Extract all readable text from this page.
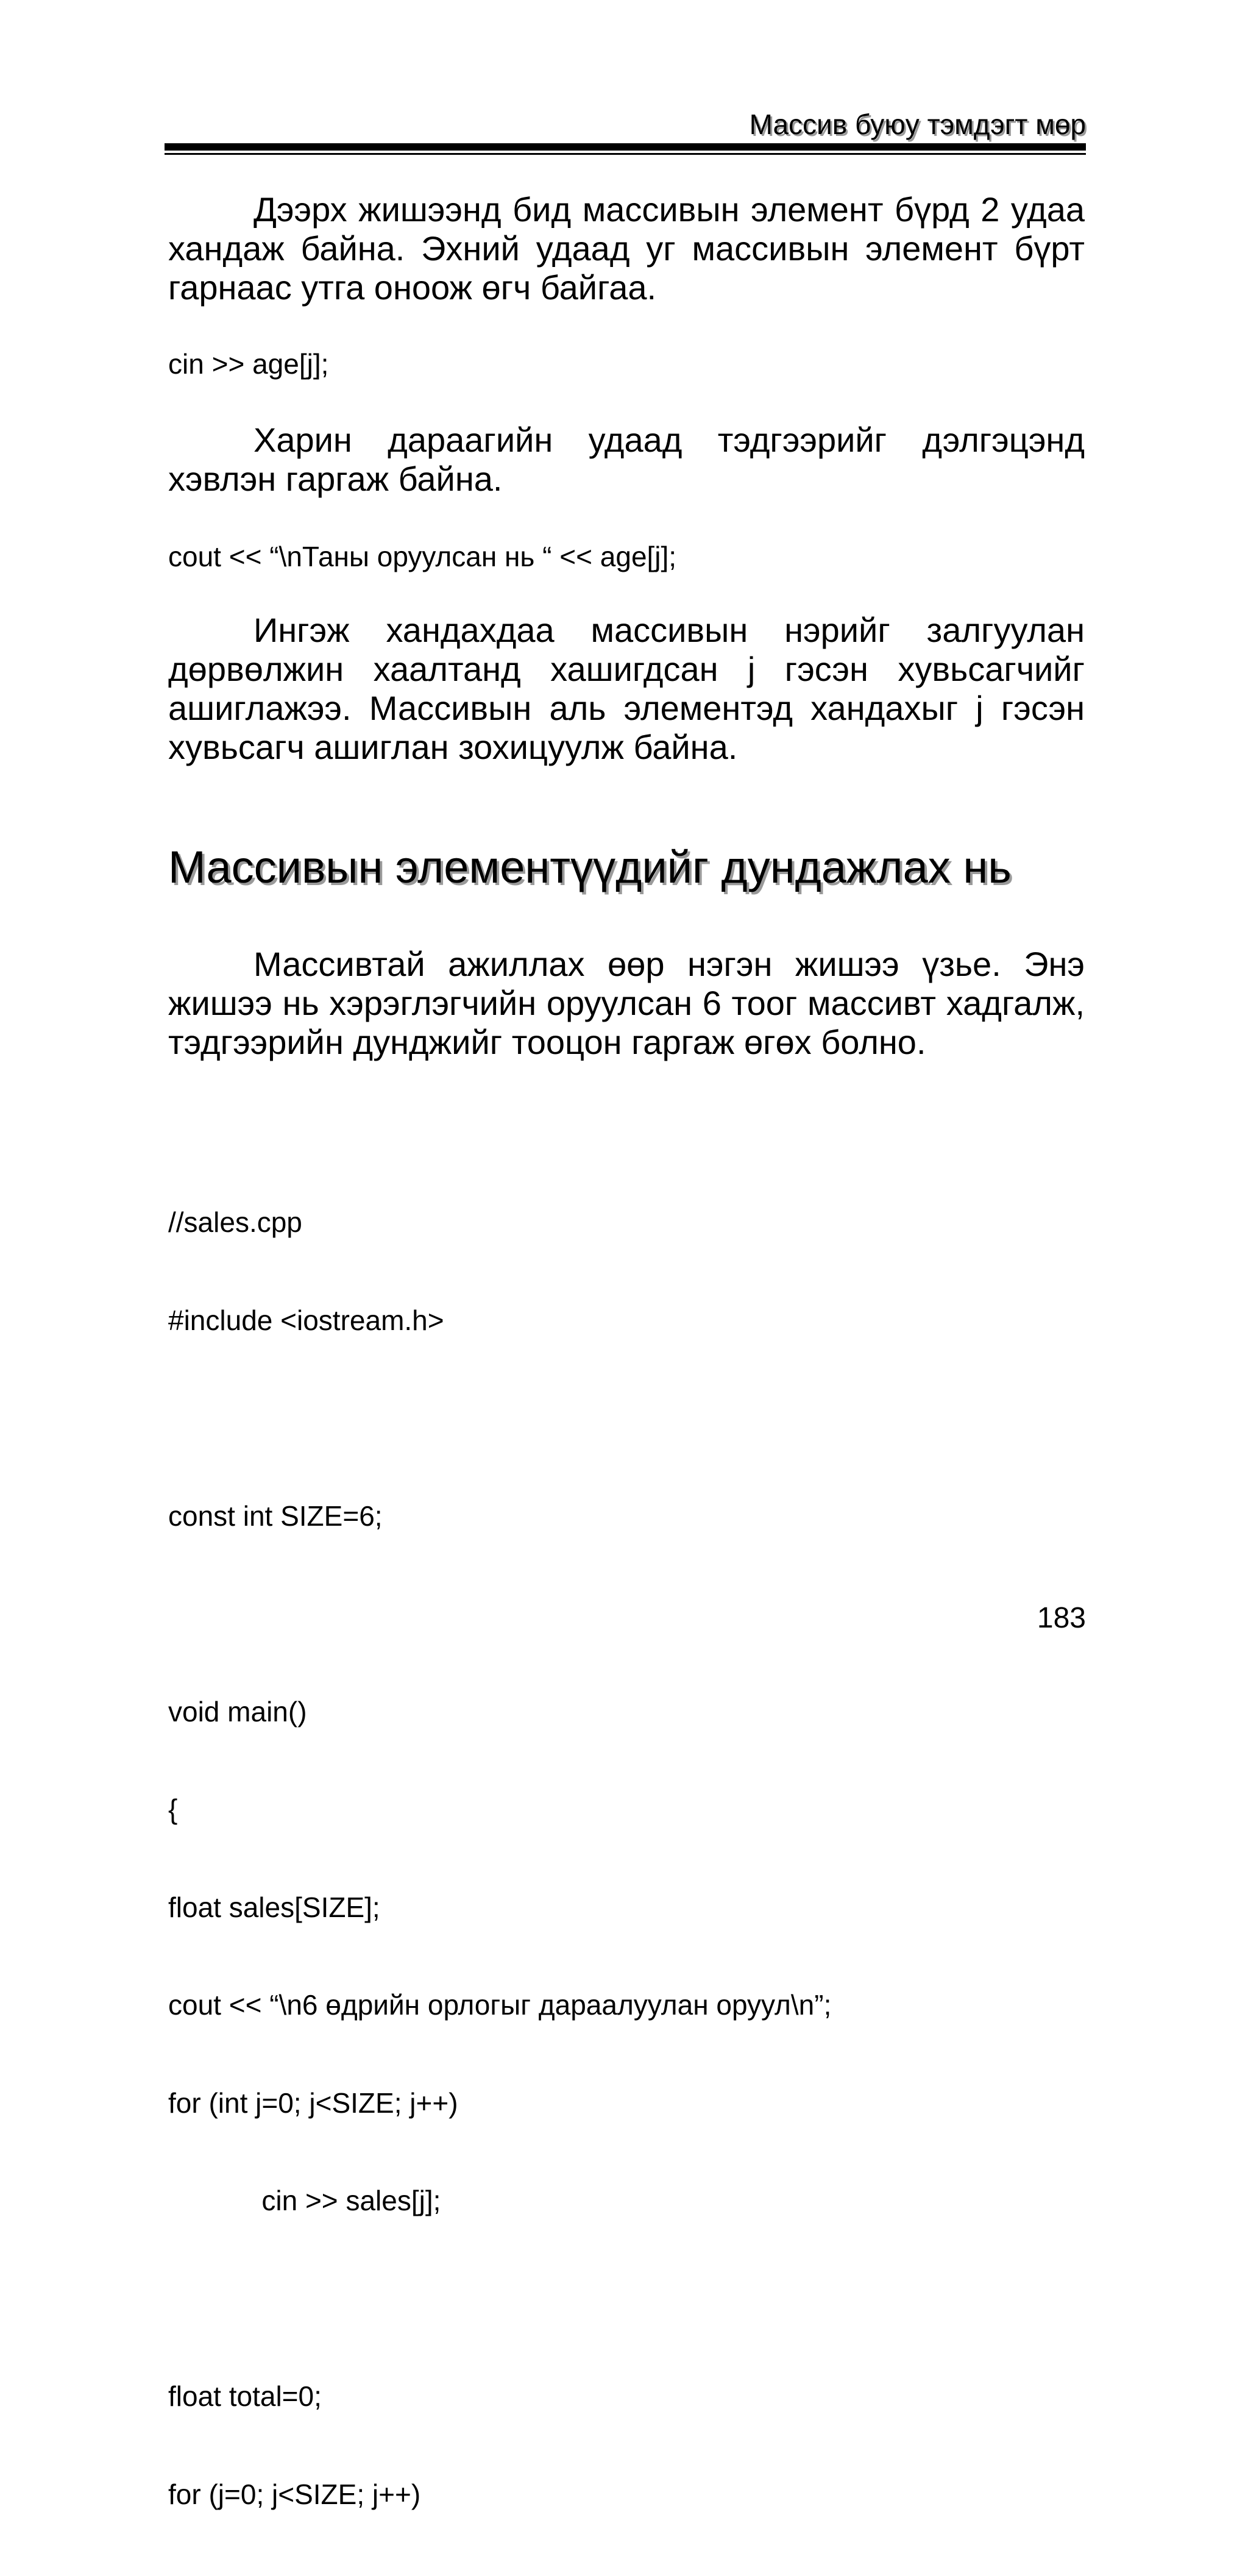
Массив буюу тэмдэгт мөр

Дээрх жишээнд бид массивын элемент бүрд 2 удаа хандаж байна. Эхний удаад уг массивын элемент бүрт гарнаас утга оноож өгч байгаа.

cin >> age[j];

Харин дараагийн удаад тэдгээрийг дэлгэцэнд хэвлэн гаргаж байна.

cout << “\nТаны оруулсан нь “ << age[j];

Ингэж хандахдаа массивын нэрийг залгуулан дөрвөлжин хаалтанд хашигдсан j гэсэн хувьсагчийг ашиглажээ. Массивын аль элементэд хандахыг j гэсэн хувьсагч ашиглан зохицуулж байна.

Массивын элементүүдийг дундажлах нь

Массивтай ажиллах өөр нэгэн жишээ үзье. Энэ жишээ нь хэрэглэгчийн оруулсан 6 тоог массивт хадгалж, тэдгээрийн дунджийг тооцон гаргаж өгөх болно.

//sales.cpp

#include <iostream.h>

const int SIZE=6;

void main()

{

float sales[SIZE];

cout << “\n6 өдрийн орлогыг дараалуулан оруул\n”;

for (int j=0; j<SIZE; j++)

cin >> sales[j];

float total=0;

for (j=0; j<SIZE; j++)

183
